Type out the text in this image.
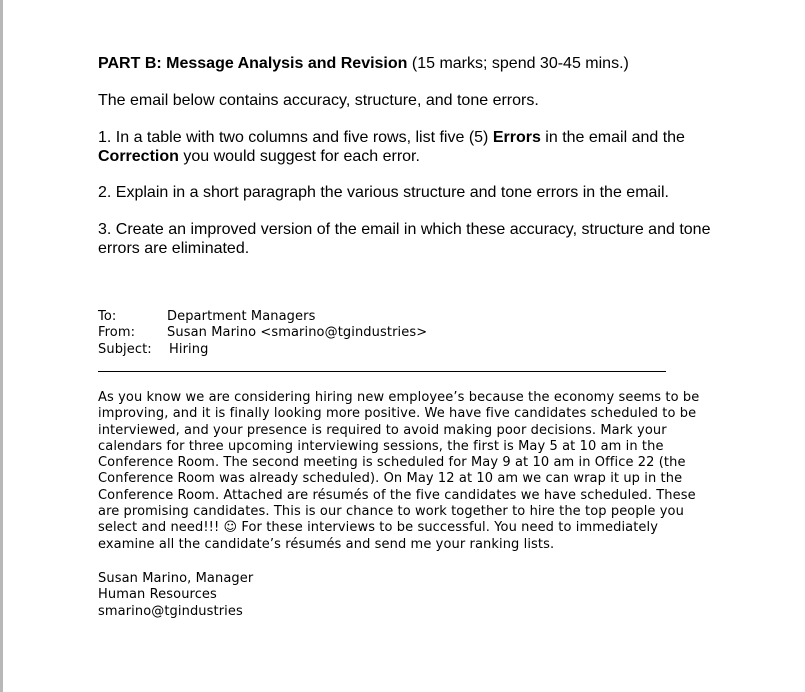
PART B: Message Analysis and Revision (15 marks; spend 30-45 mins.)
The email below contains accuracy, structure, and tone errors.
1. In a table with two columns and five rows, list five (5) Errors in the email and the Correction you would suggest for each error.
2. Explain in a short paragraph the various structure and tone errors in the email.
3. Create an improved version of the email in which these accuracy, structure and tone errors are eliminated.
To:	Department Managers
From:	Susan Marino <smarino@tgindustries>
Subject:	Hiring
As you know we are considering hiring new employee’s because the economy seems to be improving, and it is finally looking more positive. We have five candidates scheduled to be interviewed, and your presence is required to avoid making poor decisions. Mark your calendars for three upcoming interviewing sessions, the first is May 5 at 10 am in the Conference Room. The second meeting is scheduled for May 9 at 10 am in Office 22 (the Conference Room was already scheduled). On May 12 at 10 am we can wrap it up in the Conference Room. Attached are résumés of the five candidates we have scheduled. These are promising candidates. This is our chance to work together to hire the top people you select and need!!! ☺ For these interviews to be successful. You need to immediately examine all the candidate’s résumés and send me your ranking lists.
Susan Marino, Manager
Human Resources
smarino@tgindustries
